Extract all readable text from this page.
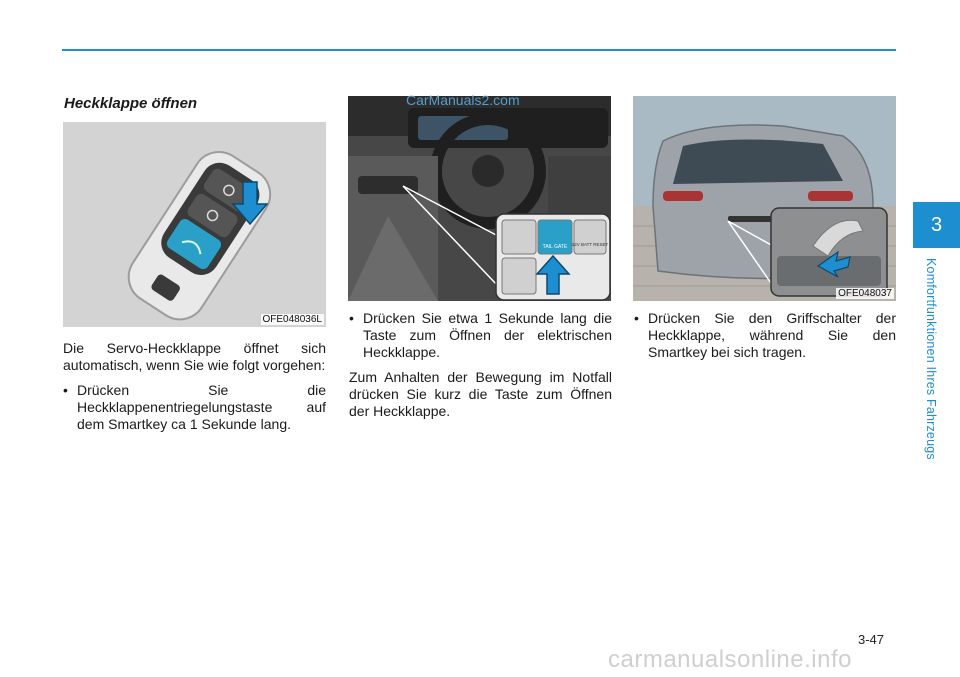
Heckklappe öffnen
OFE048036L
TAIL GATE 12V BATT RESET
OFE048037
CarManuals2.com

Die Servo-Heckklappe öffnet sich automatisch, wenn Sie wie folgt vorgehen:

• Drücken Sie die Heckklappenentriegelungstaste auf dem Smartkey ca 1 Sekunde lang.
• Drücken Sie etwa 1 Sekunde lang die Taste zum Öffnen der elektrischen Heckklappe.

Zum Anhalten der Bewegung im Notfall drücken Sie kurz die Taste zum Öffnen der Heckklappe.

• Drücken Sie den Griffschalter der Heckklappe, während Sie den Smartkey bei sich tragen.
3
Komfortfunktionen Ihres Fahrzeugs
3-47
carmanualsonline.info
